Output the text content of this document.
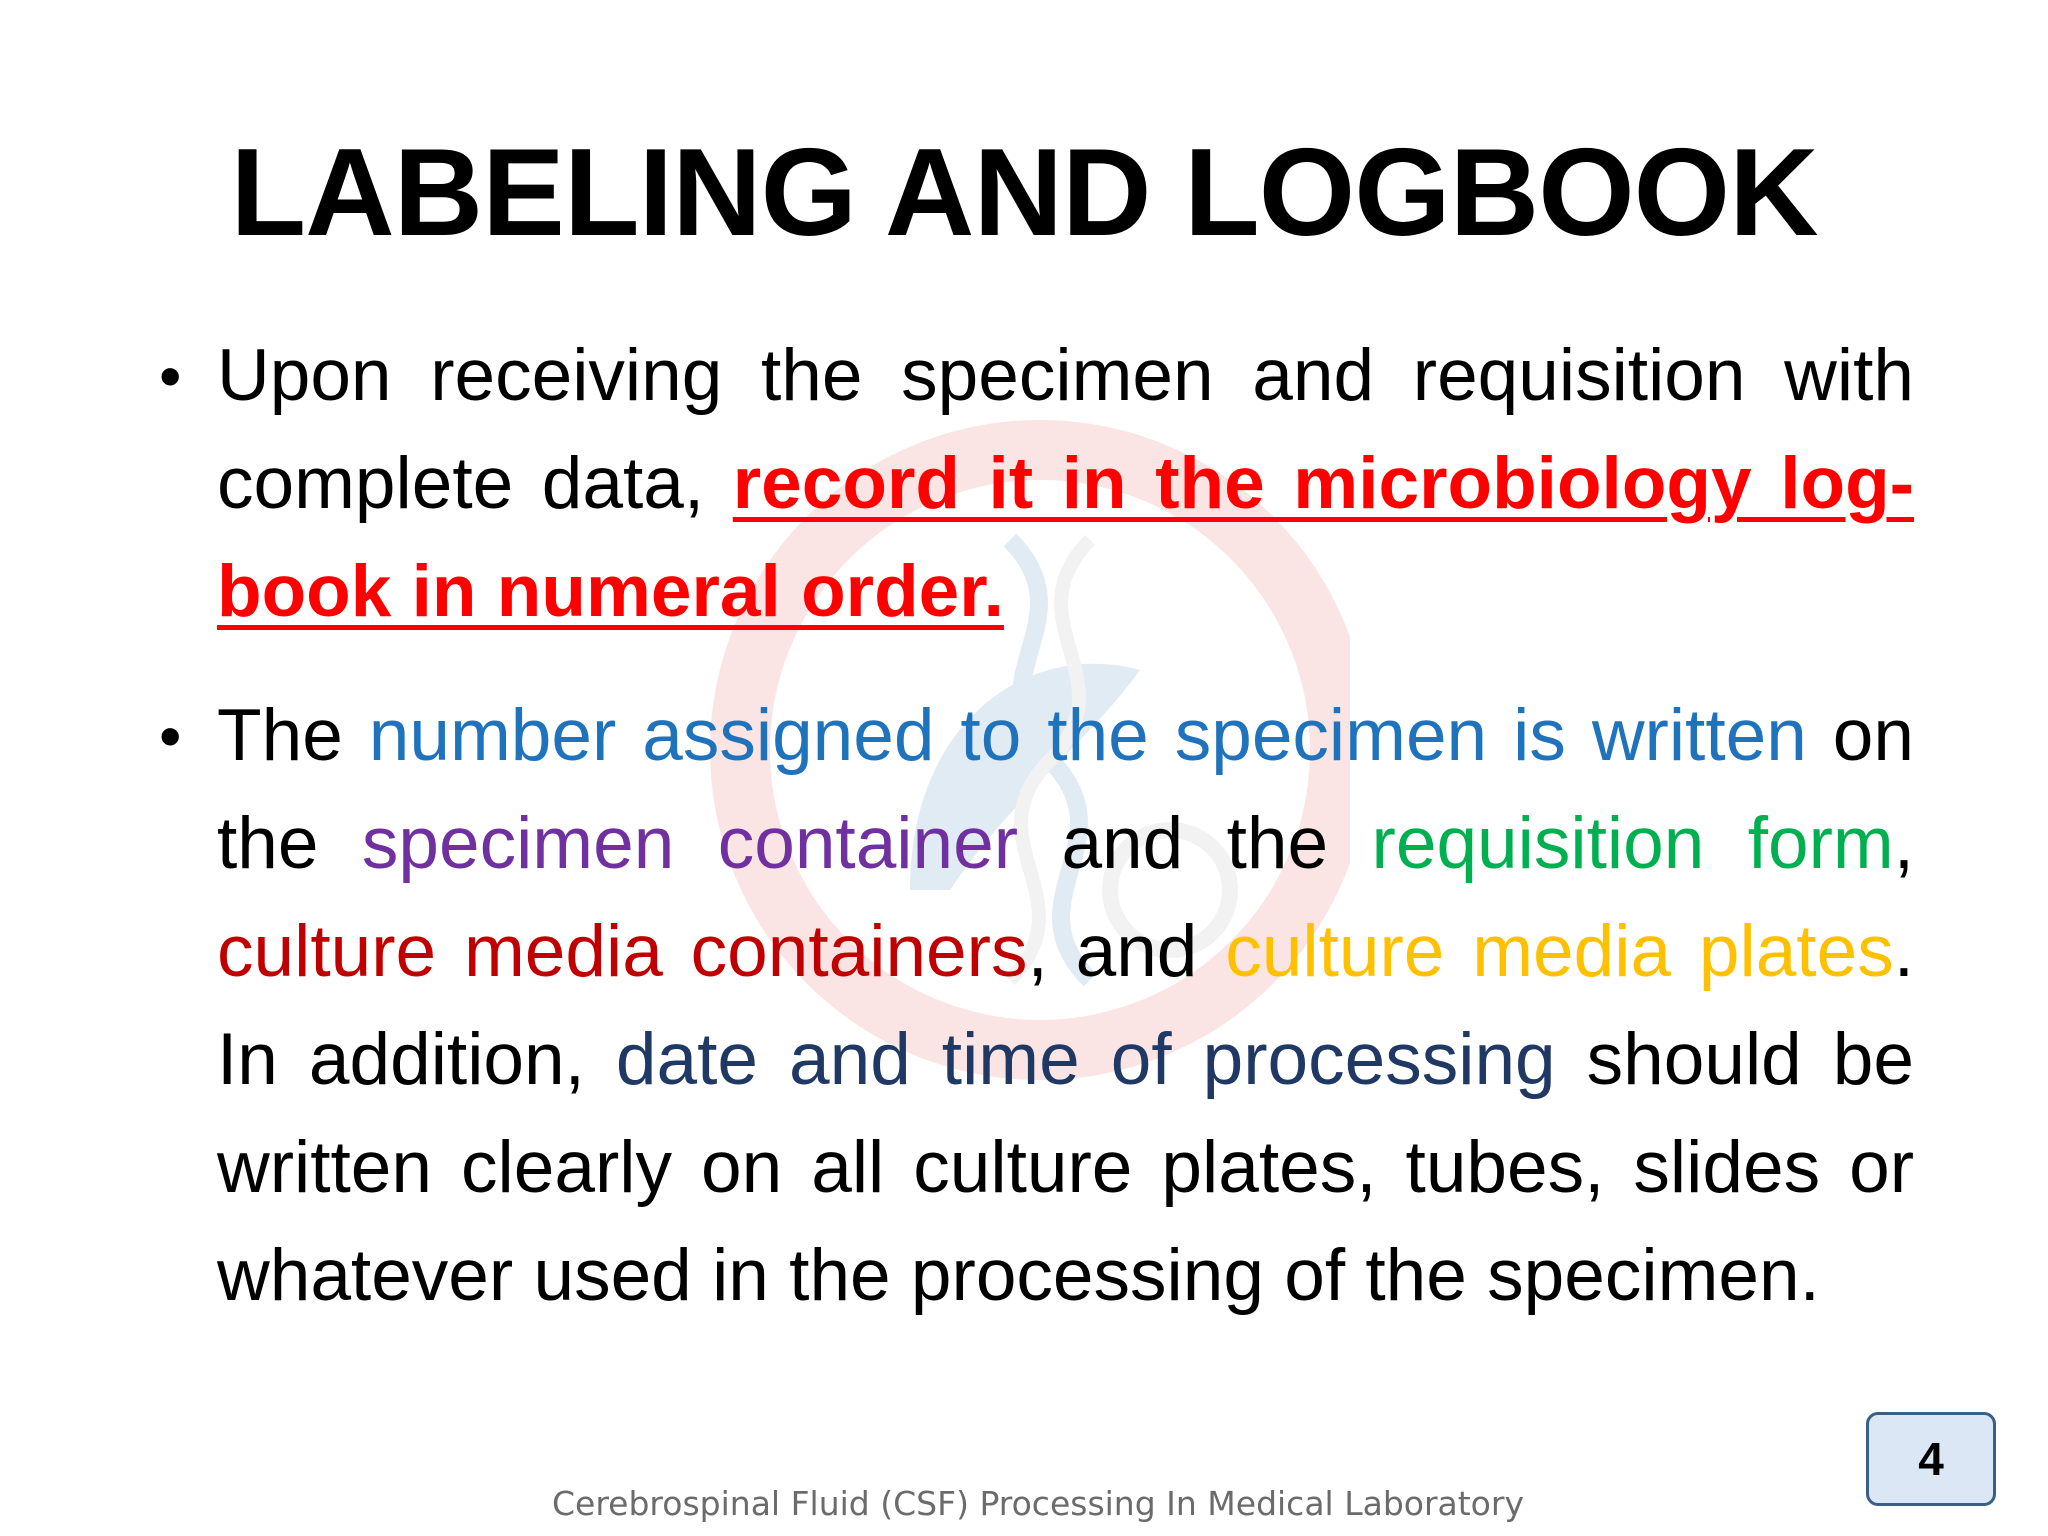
LABELING AND LOGBOOK
• Upon receiving the specimen and requisition with complete data, record it in the microbiology log-book in numeral order.
• The number assigned to the specimen is written on the specimen container and the requisition form, culture media containers, and culture media plates. In addition, date and time of processing should be written clearly on all culture plates, tubes, slides or whatever used in the processing of the specimen.
Cerebrospinal Fluid (CSF) Processing In Medical Laboratory
4
